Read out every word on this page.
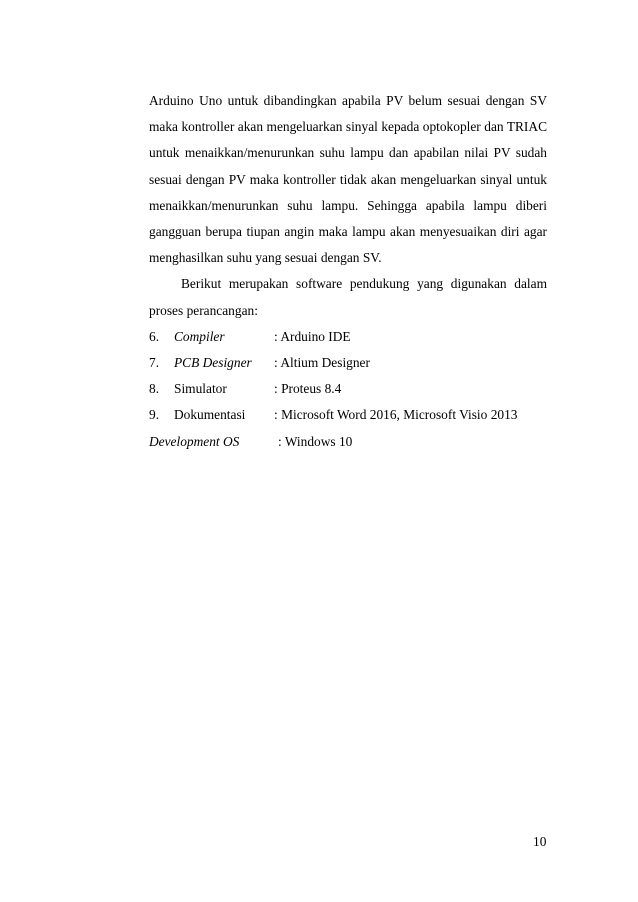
Arduino Uno untuk dibandingkan apabila PV belum sesuai dengan SV maka kontroller akan mengeluarkan sinyal kepada optokopler dan TRIAC untuk menaikkan/menurunkan suhu lampu dan apabilan nilai PV sudah sesuai dengan PV maka kontroller tidak akan mengeluarkan sinyal untuk menaikkan/menurunkan suhu lampu. Sehingga apabila lampu diberi gangguan berupa tiupan angin maka lampu akan menyesuaikan diri agar menghasilkan suhu yang sesuai dengan SV.

Berikut merupakan software pendukung yang digunakan dalam proses perancangan:

6.	Compiler	: Arduino IDE
7.	PCB Designer	: Altium Designer
8.	Simulator	: Proteus 8.4
9.	Dokumentasi	: Microsoft Word 2016, Microsoft Visio 2013
Development OS	: Windows 10
10
